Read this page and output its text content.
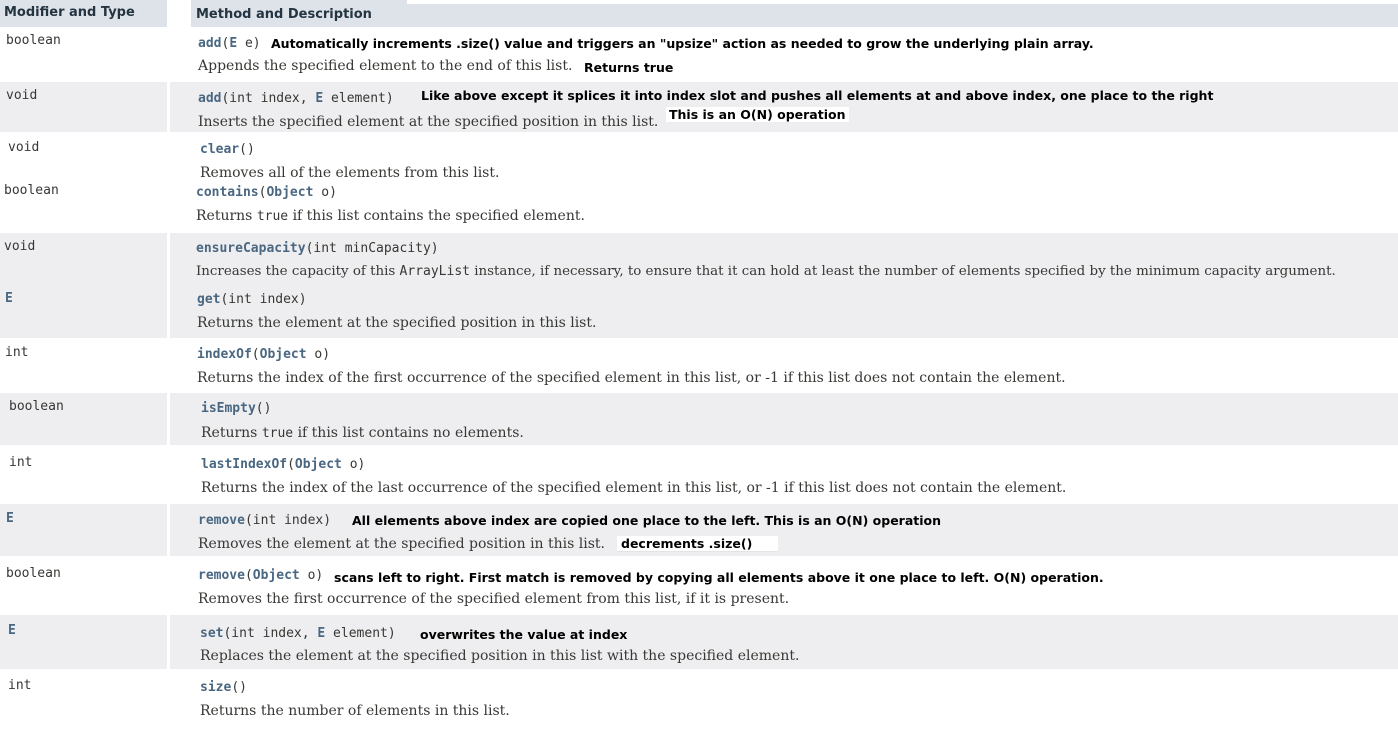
Modifier and Type	Method and Description
boolean	add(E e) Automatically increments .size() value and triggers an "upsize" action as needed to grow the underlying plain array.
Appends the specified element to the end of this list. Returns true
void	add(int index, E element) Like above except it splices it into index slot and pushes all elements at and above index, one place to the right
Inserts the specified element at the specified position in this list. This is an O(N) operation
void	clear()
Removes all of the elements from this list.
boolean	contains(Object o)
Returns true if this list contains the specified element.
void	ensureCapacity(int minCapacity)
Increases the capacity of this ArrayList instance, if necessary, to ensure that it can hold at least the number of elements specified by the minimum capacity argument.
E	get(int index)
Returns the element at the specified position in this list.
int	indexOf(Object o)
Returns the index of the first occurrence of the specified element in this list, or -1 if this list does not contain the element.
boolean	isEmpty()
Returns true if this list contains no elements.
int	lastIndexOf(Object o)
Returns the index of the last occurrence of the specified element in this list, or -1 if this list does not contain the element.
E	remove(int index) All elements above index are copied one place to the left. This is an O(N) operation
Removes the element at the specified position in this list.	decrements .size()
boolean	remove(Object o) scans left to right. First match is removed by copying all elements above it one place to left. O(N) operation.
Removes the first occurrence of the specified element from this list, if it is present.
E	set(int index, E element) overwrites the value at index
Replaces the element at the specified position in this list with the specified element.
int	size()
Returns the number of elements in this list.
